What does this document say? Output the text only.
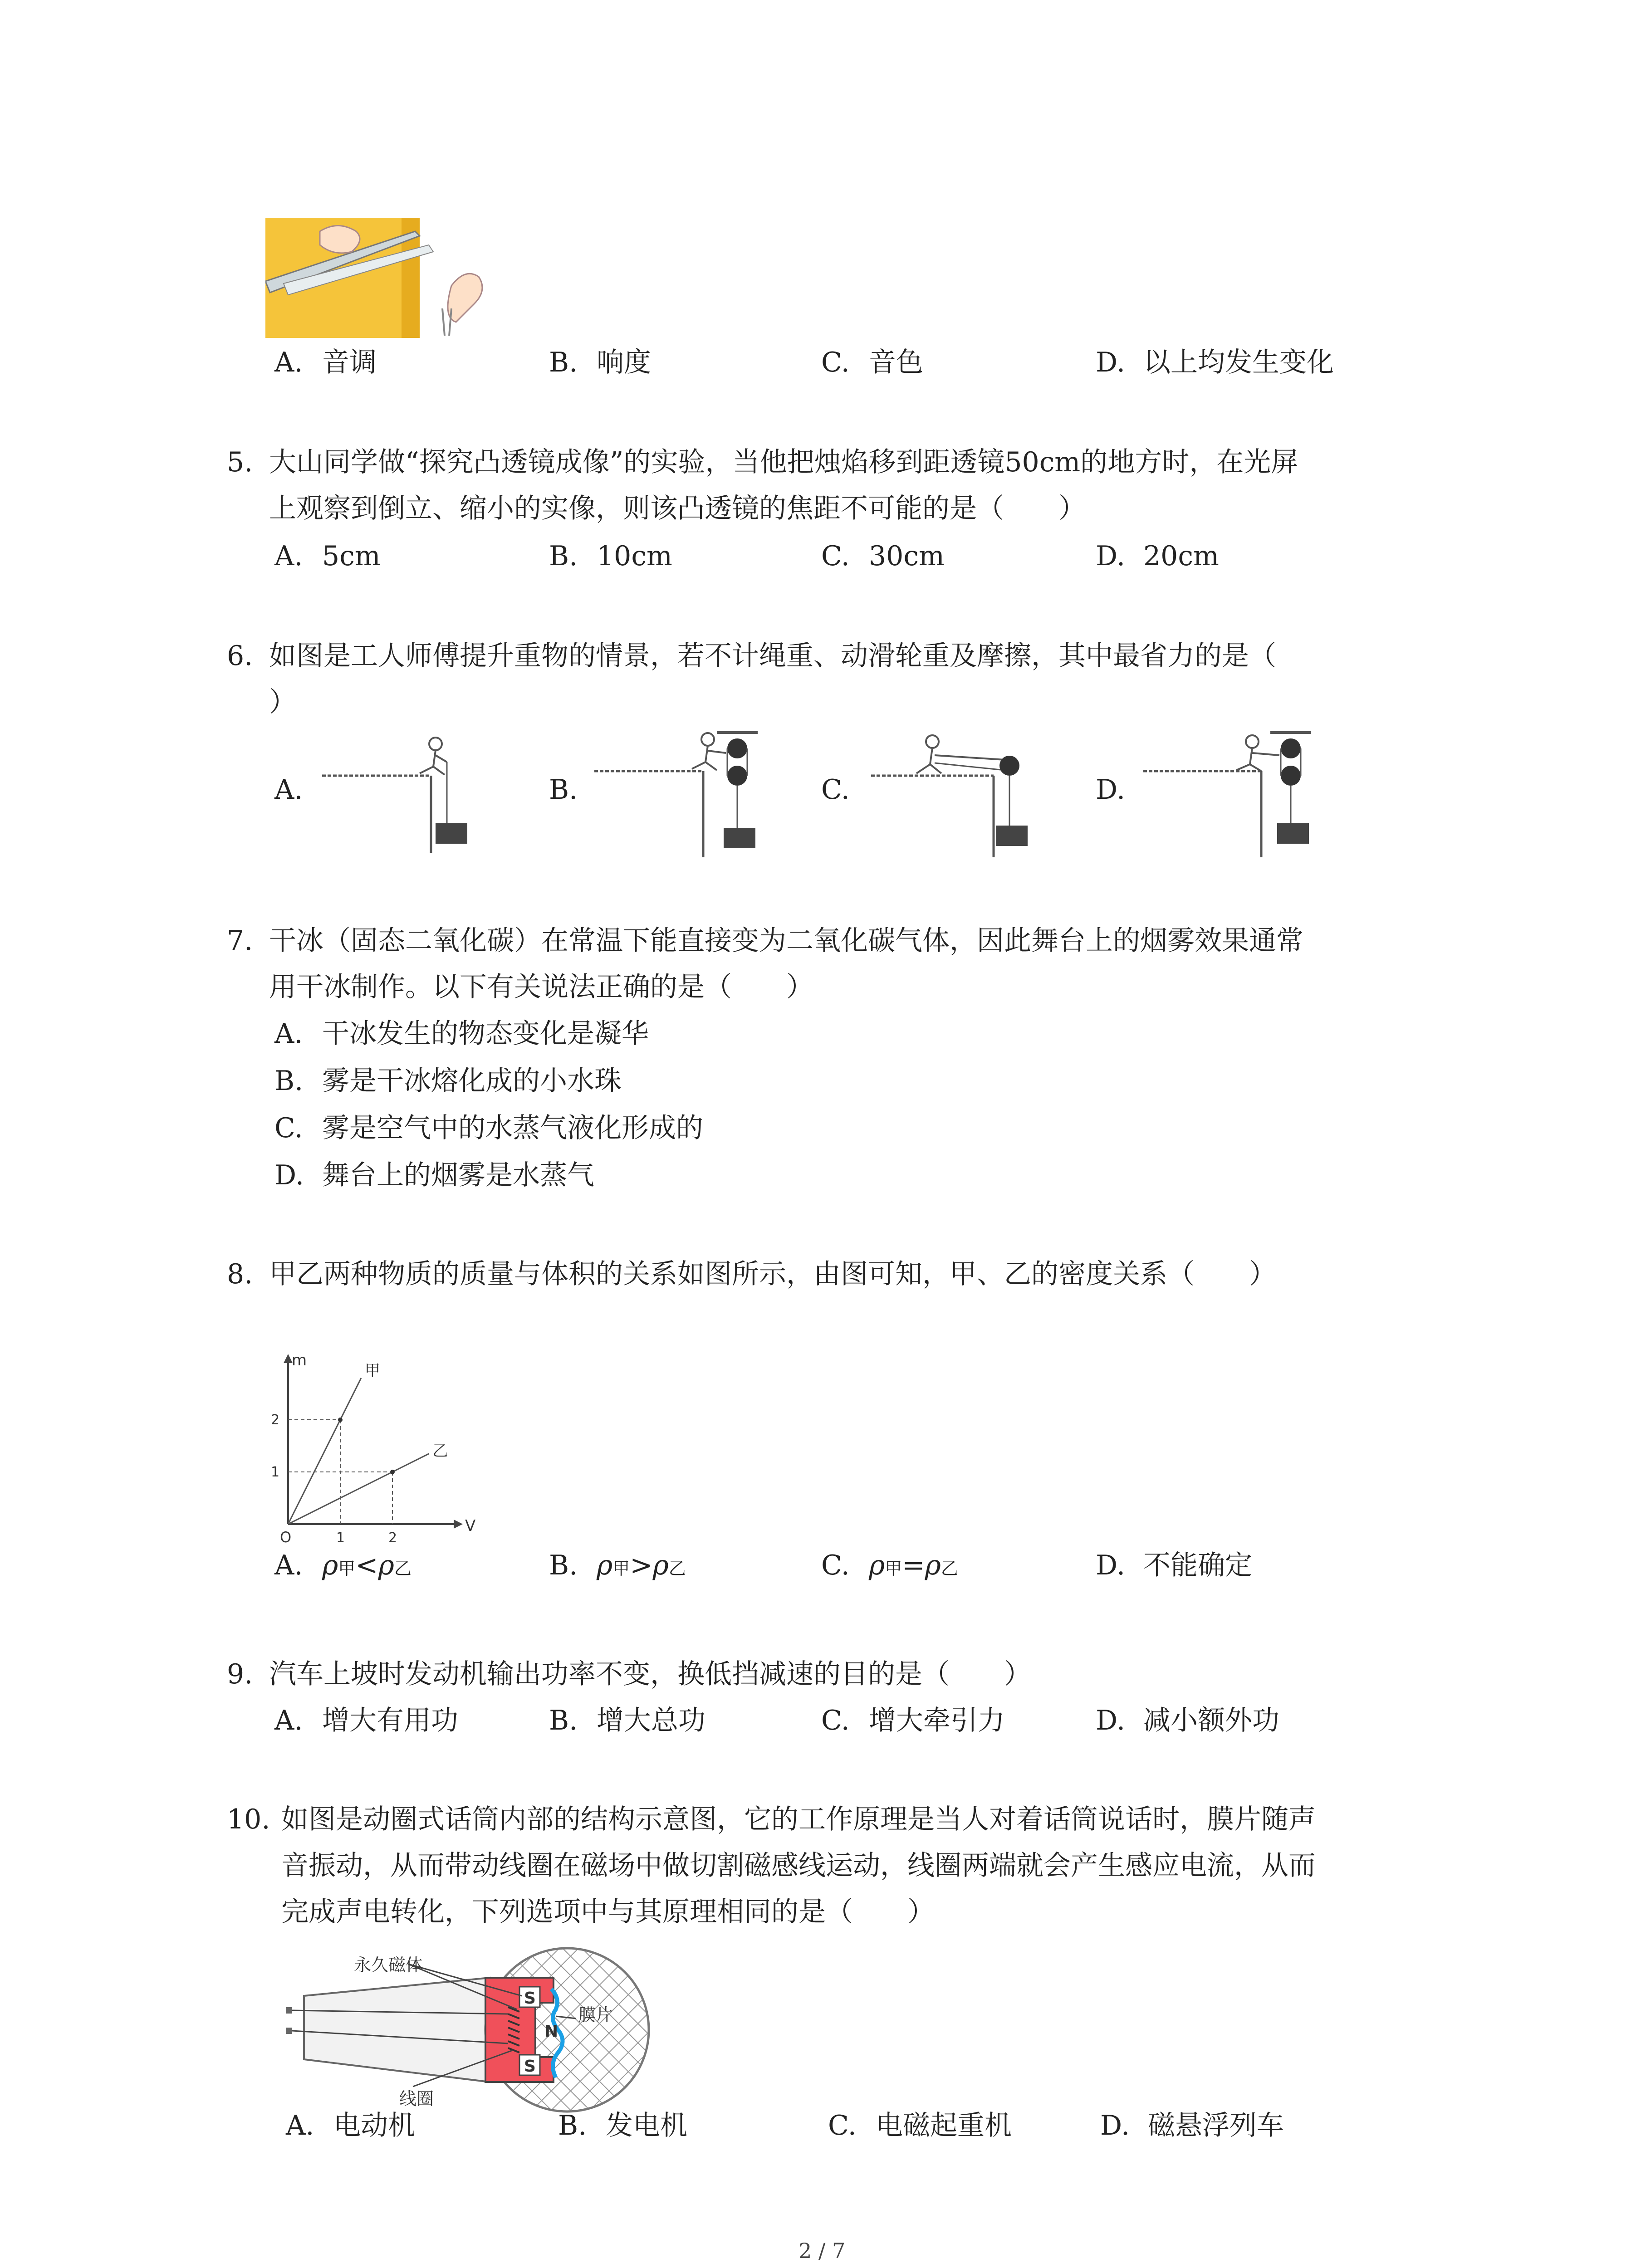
A. 音调	B. 响度	C. 音色	D. 以上均发生变化
5. 大山同学做“探究凸透镜成像”的实验，当他把烛焰移到距透镜50cm的地方时，在光屏
上观察到倒立、缩小的实像，则该凸透镜的焦距不可能的是（　　）
A. 5cm	B. 10cm	C. 30cm	D. 20cm
6. 如图是工人师傅提升重物的情景，若不计绳重、动滑轮重及摩擦，其中最省力的是（
）
A.	B.	C.	D.
7. 干冰（固态二氧化碳）在常温下能直接变为二氧化碳气体，因此舞台上的烟雾效果通常
用干冰制作。以下有关说法正确的是（　　）
A. 干冰发生的物态变化是凝华
B. 雾是干冰熔化成的小水珠
C. 雾是空气中的水蒸气液化形成的
D. 舞台上的烟雾是水蒸气
8. 甲乙两种物质的质量与体积的关系如图所示，由图可知，甲、乙的密度关系（　　）
m
V
O	1	2
1
2
甲
乙
A. ρ甲<ρ乙	B. ρ甲>ρ乙	C. ρ甲=ρ乙	D. 不能确定
9. 汽车上坡时发动机输出功率不变，换低挡减速的目的是（　　）
A. 增大有用功	B. 增大总功	C. 增大牵引力	D. 减小额外功
10. 如图是动圈式话筒内部的结构示意图，它的工作原理是当人对着话筒说话时，膜片随声
音振动，从而带动线圈在磁场中做切割磁感线运动，线圈两端就会产生感应电流，从而
完成声电转化，下列选项中与其原理相同的是（　　）
永久磁体
膜片
线圈
S
N
S
A. 电动机	B. 发电机	C. 电磁起重机	D. 磁悬浮列车
2 / 7
